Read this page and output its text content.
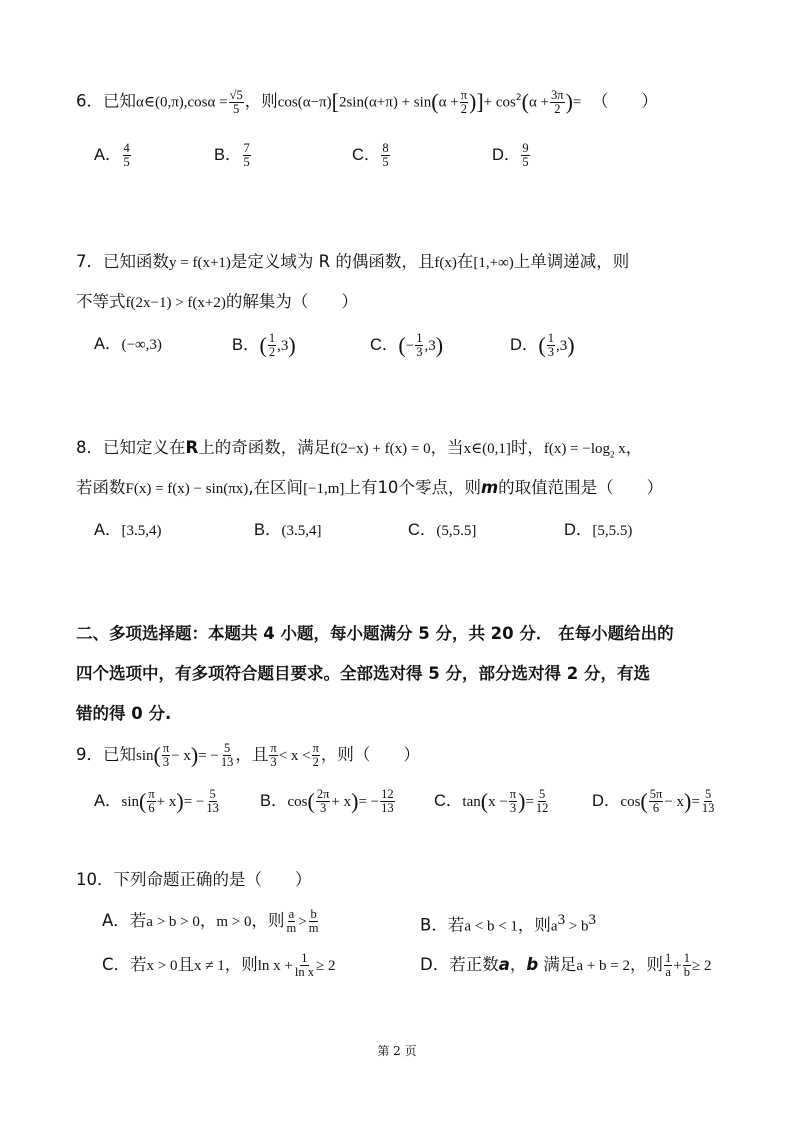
6．已知α∈(0,π),cosα = $\frac{√5}{5}$ ，则$\cos(\alpha-\pi)[2\sin(\alpha+\pi) + \sin(\alpha + \frac{\pi}{2}$ )]+ $\cos^2(\alpha + \frac{3\pi}{2}$ )= （　　）
A． $\frac{4}{5}$	B． $\frac{7}{5}$	C． $\frac{8}{5}$	D． $\frac{9}{5}$
7．已知函数y = f(x+1)是定义域为 R 的偶函数，且f(x)在[1,+∞)上单调递减，则
不等式f(2x−1) > f(x+2)的解集为（　　）
A．(−∞,3)	B．( $\frac{1}{2} ,3$)	C．(− $\frac{1}{3} ,3$)	D．( $\frac{1}{3} ,3$)
8．已知定义在R上的奇函数，满足f(2−x) + f(x) = 0，当x∈(0,1]时，$f(x) = -\log_2$ x，
若函数F(x) = f(x) − sin(πx),在区间[−1,m]上有10个零点，则m的取值范围是（　　）
A．[3.5,4)	B．(3.5,4]	C．(5,5.5]	D．[5,5.5)
二、多项选择题：本题共 4 小题，每小题满分 5 分，共 20 分． 在每小题给出的
四个选项中，有多项符合题目要求。全部选对得 5 分，部分选对得 2 分，有选
错的得 0 分.
9．已知$\sin( \frac{\pi}{3} - x)= - \frac{5}{13}$ ，且 $\frac{\pi}{3} < x < \frac{\pi}{2}$ ，则（　　）
A．$\sin( \frac{\pi}{6} + x)= - \frac{5}{13}$ B．$\cos( \frac{2\pi}{3} + x)= - \frac{12}{13}$ C．$\tan(x - \frac{\pi}{3}$ )= $\frac{5}{12}$	D．$\cos( \frac{5\pi}{6} - x)= \frac{5}{13}$
10．下列命题正确的是（　　）
A．若a > b > 0，m > 0，则 $\frac{a}{m} > \frac{b}{m}$	B．若a < b < 1，则$a^3 > b^3$
C．若x > 0且x ≠ 1，则$\ln x + \frac{1}{\text{ln x}} \ge 2$	D．若正数a，b 满足a + b = 2，则 $\frac{1}{a} + \frac{1}{b} \ge 2$
第 2 页
